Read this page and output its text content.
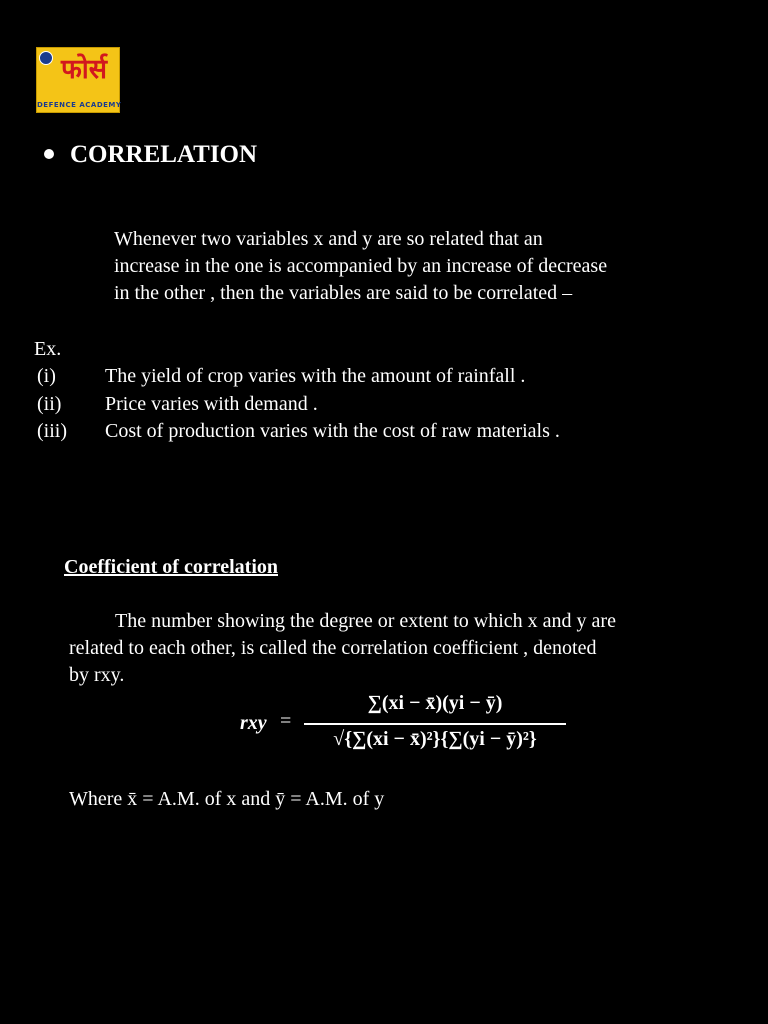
फोर्स
DEFENCE ACADEMY
CORRELATION
Whenever two variables x and y are so related that an
increase in the one is accompanied by an increase of decrease
in the other , then the variables are said to be correlated –
Ex.
(i) The yield of crop varies with the amount of rainfall .
(ii) Price varies with demand .
(iii) Cost of production varies with the cost of raw materials .
Coefficient of correlation
The number showing the degree or extent to which x and y are
related to each other, is called the correlation coefficient , denoted
by rxy.
rxy =
∑(xi − x̄)(yi − ȳ)
√{∑(xi − x̄)²}{∑(yi − ȳ)²}
Where x̄ = A.M. of x and ȳ = A.M. of y
